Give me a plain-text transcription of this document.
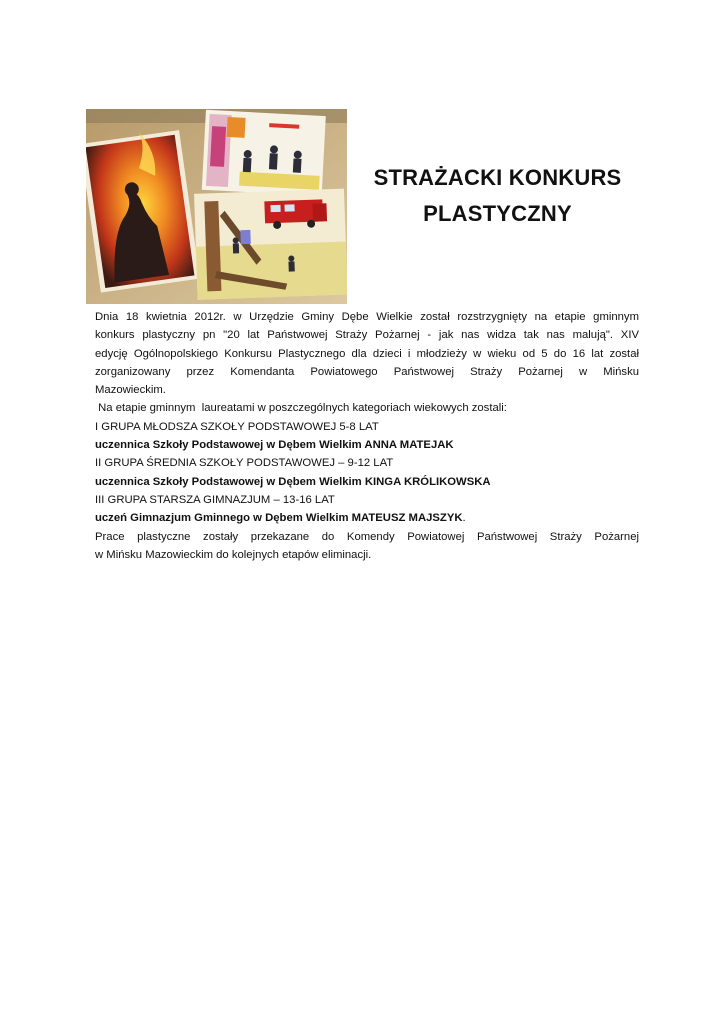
STRAŻACKI KONKURS
PLASTYCZNY

Dnia 18 kwietnia 2012r. w Urzędzie Gminy Dębe Wielkie został rozstrzygnięty na etapie gminnym

konkurs plastyczny pn "20 lat Państwowej Straży Pożarnej - jak nas widza tak nas malują". XIV

edycję Ogólnopolskiego Konkursu Plastycznego dla dzieci i młodzieży w wieku od 5 do 16 lat został

zorganizowany przez Komendanta Powiatowego Państwowej Straży Pożarnej w Mińsku

Mazowieckim.

Na etapie gminnym  laureatami w poszczególnych kategoriach wiekowych zostali:

I GRUPA MŁODSZA SZKOŁY PODSTAWOWEJ 5-8 LAT

uczennica Szkoły Podstawowej w Dębem Wielkim ANNA MATEJAK

II GRUPA ŚREDNIA SZKOŁY PODSTAWOWEJ – 9-12 LAT

uczennica Szkoły Podstawowej w Dębem Wielkim KINGA KRÓLIKOWSKA

III GRUPA STARSZA GIMNAZJUM – 13-16 LAT

uczeń Gimnazjum Gminnego w Dębem Wielkim MATEUSZ MAJSZYK.

Prace plastyczne zostały przekazane do Komendy Powiatowej Państwowej Straży Pożarnej

w Mińsku Mazowieckim do kolejnych etapów eliminacji.
